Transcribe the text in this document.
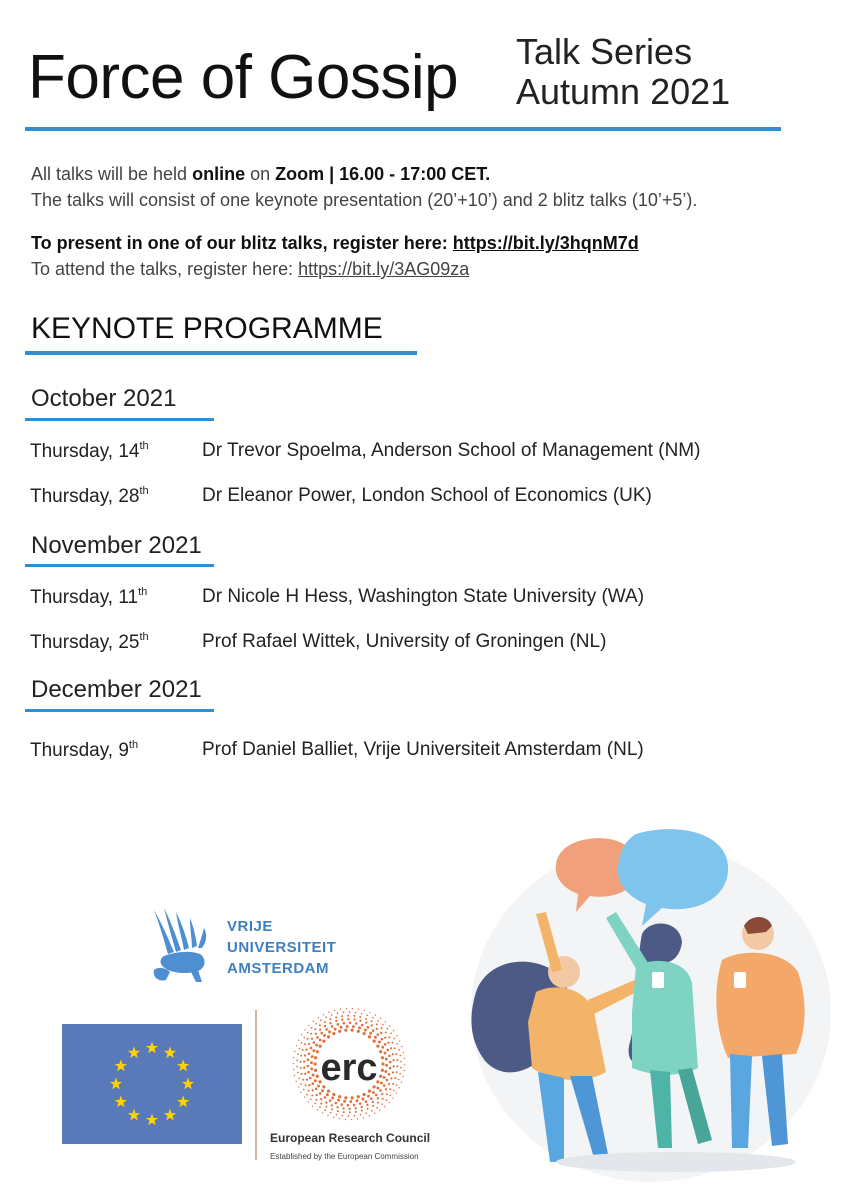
Force of Gossip Talk Series
Autumn 2021
All talks will be held online on Zoom | 16.00 - 17:00 CET.
The talks will consist of one keynote presentation (20’+10’) and 2 blitz talks (10’+5’).
To present in one of our blitz talks, register here: https://bit.ly/3hqnM7d
To attend the talks, register here: https://bit.ly/3AG09za
KEYNOTE PROGRAMME
October 2021
Thursday, 14th	Dr Trevor Spoelma, Anderson School of Management (NM)
Thursday, 28th	Dr Eleanor Power, London School of Economics (UK)
November 2021
Thursday, 11th	Dr Nicole H Hess, Washington State University (WA)
Thursday, 25th	Prof Rafael Wittek, University of Groningen (NL)
December 2021
Thursday, 9th	Prof Daniel Balliet, Vrije Universiteit Amsterdam (NL)
VRIJE
UNIVERSITEIT
AMSTERDAM
erc
European Research Council
Established by the European Commission
